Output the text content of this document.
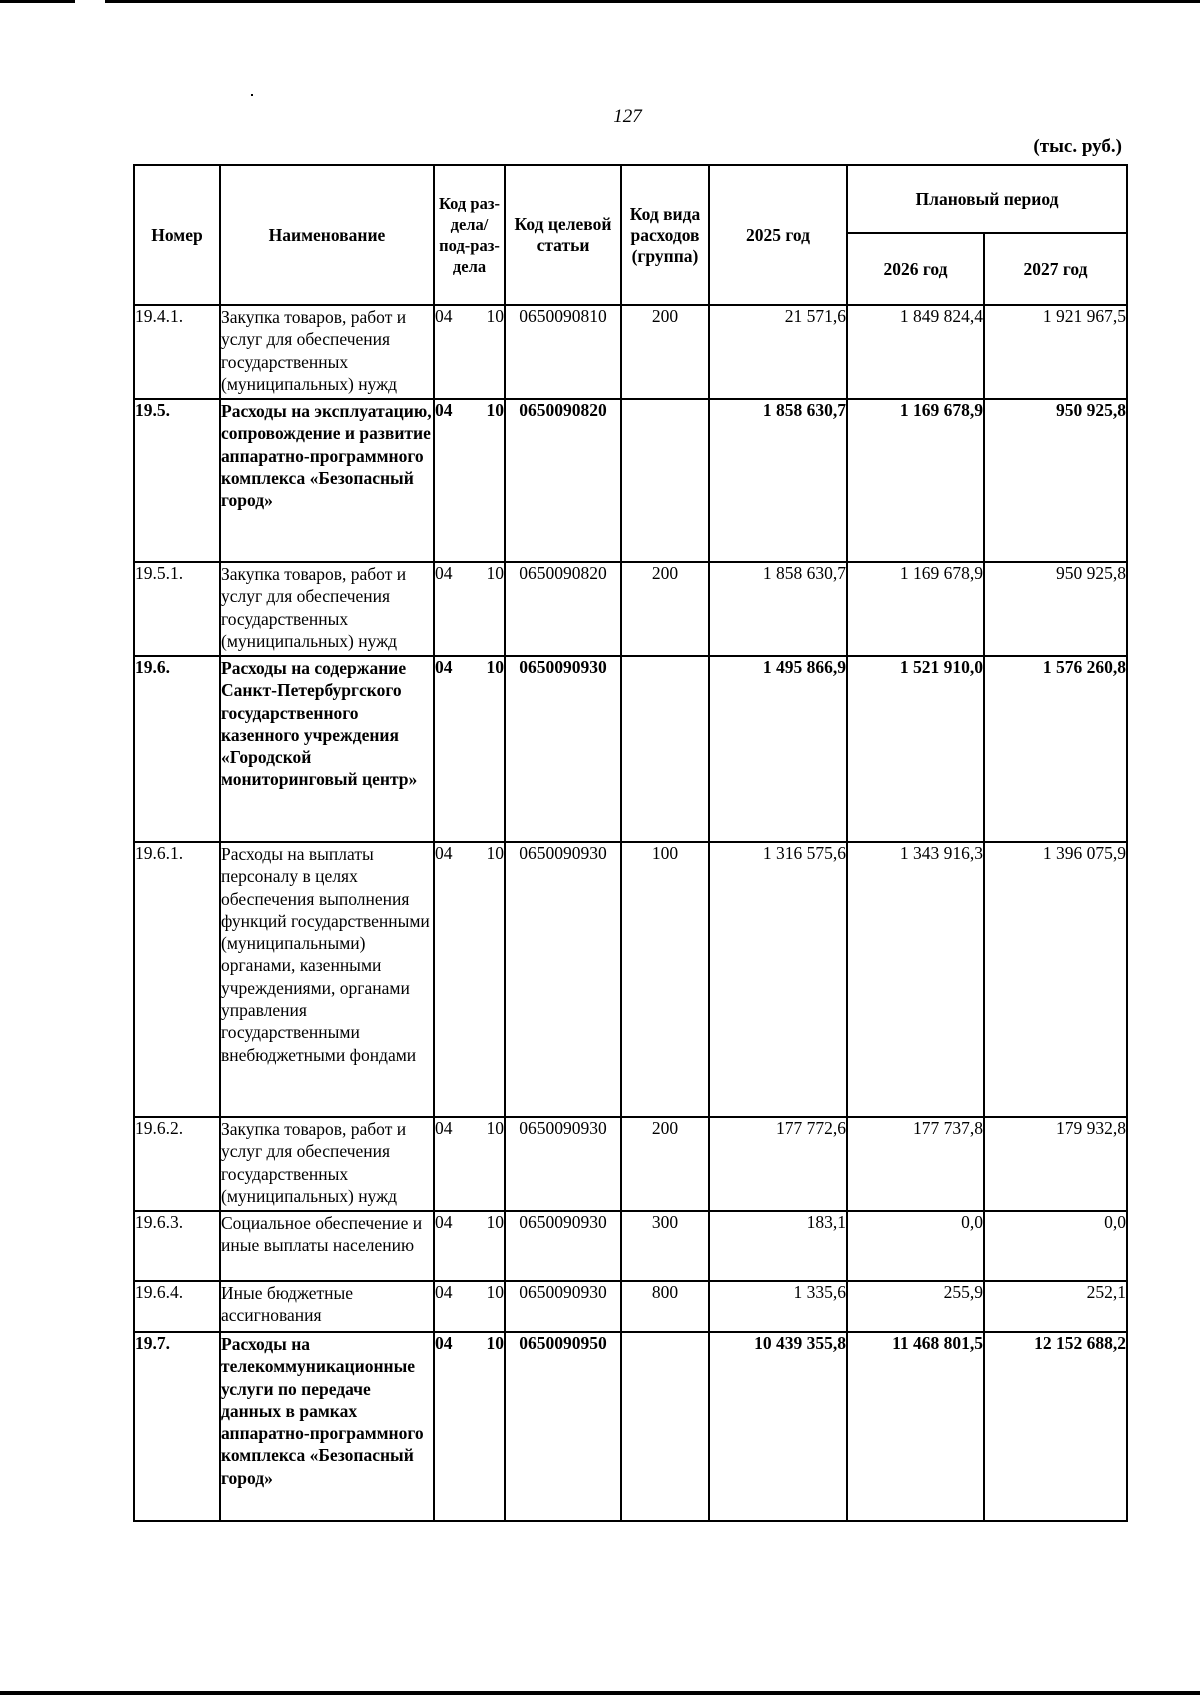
127
(тыс. руб.)
Номер	Наименование	Код раз-дела/ под-раз-дела	Код целевой статьи	Код вида расходов (группа)	2025 год	Плановый период	
						2026 год	2027 год
19.4.1.	Закупка товаров, работ и услуг для обеспечения государственных (муниципальных) нужд	04 10	0650090810	200	21 571,6	1 849 824,4	1 921 967,5
19.5.	Расходы на эксплуатацию, сопровождение и развитие аппаратно-программного комплекса «Безопасный город»	04 10	0650090820		1 858 630,7	1 169 678,9	950 925,8
19.5.1.	Закупка товаров, работ и услуг для обеспечения государственных (муниципальных) нужд	04 10	0650090820	200	1 858 630,7	1 169 678,9	950 925,8
19.6.	Расходы на содержание Санкт-Петербургского государственного казенного учреждения «Городской мониторинговый центр»	04 10	0650090930		1 495 866,9	1 521 910,0	1 576 260,8
19.6.1.	Расходы на выплаты персоналу в целях обеспечения выполнения функций государственными (муниципальными) органами, казенными учреждениями, органами управления государственными внебюджетными фондами	04 10	0650090930	100	1 316 575,6	1 343 916,3	1 396 075,9
19.6.2.	Закупка товаров, работ и услуг для обеспечения государственных (муниципальных) нужд	04 10	0650090930	200	177 772,6	177 737,8	179 932,8
19.6.3.	Социальное обеспечение и иные выплаты населению	04 10	0650090930	300	183,1	0,0	0,0
19.6.4.	Иные бюджетные ассигнования	04 10	0650090930	800	1 335,6	255,9	252,1
19.7.	Расходы на телекоммуникационные услуги по передаче данных в рамках аппаратно-программного комплекса «Безопасный город»	04 10	0650090950		10 439 355,8	11 468 801,5	12 152 688,2
